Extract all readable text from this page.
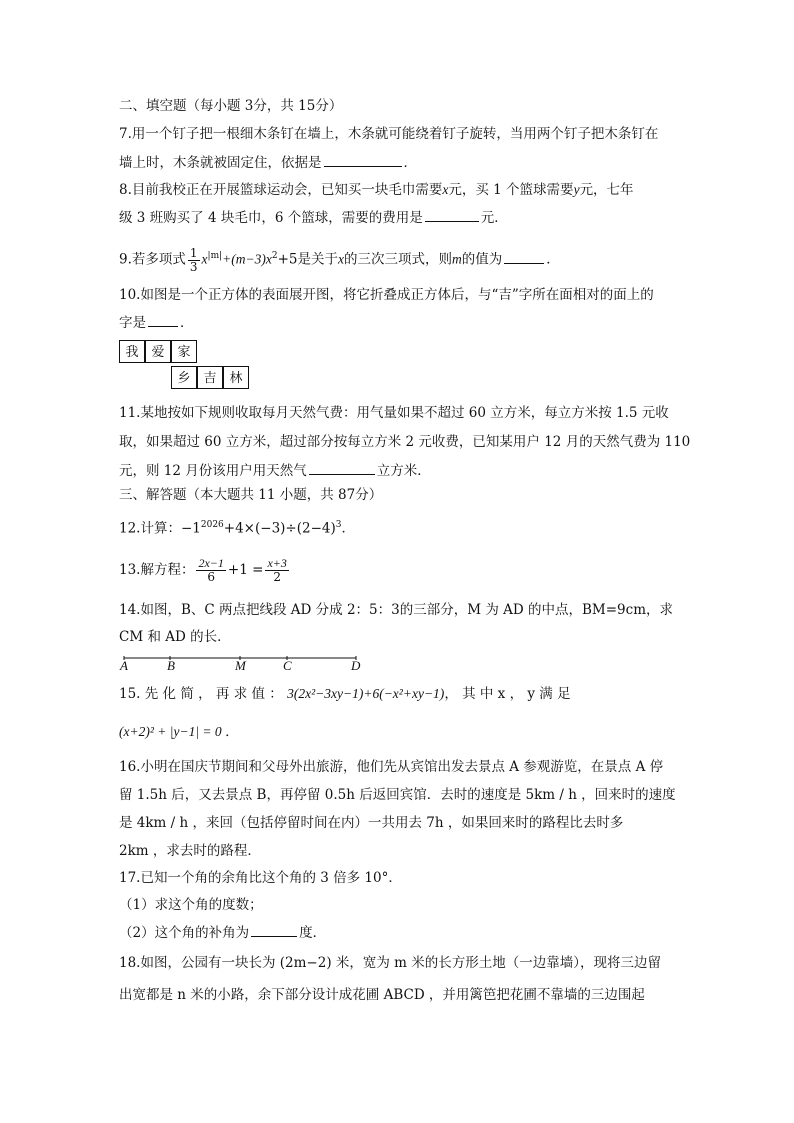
二、填空题（每小题 3分，共 15分）
7.用一个钉子把一根细木条钉在墙上，木条就可能绕着钉子旋转，当用两个钉子把木条钉在
墙上时，木条就被固定住，依据是	．
8.目前我校正在开展篮球运动会，已知买一块毛巾需要x元，买 1 个篮球需要y元，七年
级 3 班购买了 4 块毛巾，6 个篮球，需要的费用是	元．
9.若多项式 $\frac{1}{3} x^{|m|}+(m-3)x^2+5$是关于x的三次三项式，则m的值为	．
10.如图是一个正方体的表面展开图，将它折叠成正方体后，与“吉”字所在面相对的面上的
字是	．
我 爱 家
乡 吉 林
11.某地按如下规则收取每月天然气费：用气量如果不超过 60 立方米，每立方米按 1.5 元收
取，如果超过 60 立方米，超过部分按每立方米 2 元收费，已知某用户 12 月的天然气费为 110
元，则 12 月份该用户用天然气	立方米．
三、解答题（本大题共 11 小题，共 87分）
12.计算：$-1^{2026}+4\times(-3)\div(2-4)^3$．
13.解方程： $\frac{2x-1}{6} +1 = \frac{x+3}{2}$
14.如图，B、C 两点把线段 AD 分成 2：5：3的三部分，M 为 AD 的中点，BM=9cm，求
CM 和 AD 的长．
A	B	M	C	D
15. 先 化 简 ， 再 求 值 ： 3(2x²−3xy−1)+6(−x²+xy−1)， 其 中 x ， y 满 足
(x+2)² + |y−1| = 0 ．
16.小明在国庆节期间和父母外出旅游，他们先从宾馆出发去景点 A 参观游览，在景点 A 停
留 1.5h 后，又去景点 B，再停留 0.5h 后返回宾馆．去时的速度是 5km / h ，回来时的速度
是 4km / h ，来回（包括停留时间在内）一共用去 7h ，如果回来时的路程比去时多
2km ，求去时的路程．
17.已知一个角的余角比这个角的 3 倍多 10°．
（1）求这个角的度数；
（2）这个角的补角为	度．
18.如图，公园有一块长为 (2m−2) 米，宽为 m 米的长方形土地（一边靠墙），现将三边留
出宽都是 n 米的小路，余下部分设计成花圃 ABCD ，并用篱笆把花圃不靠墙的三边围起
